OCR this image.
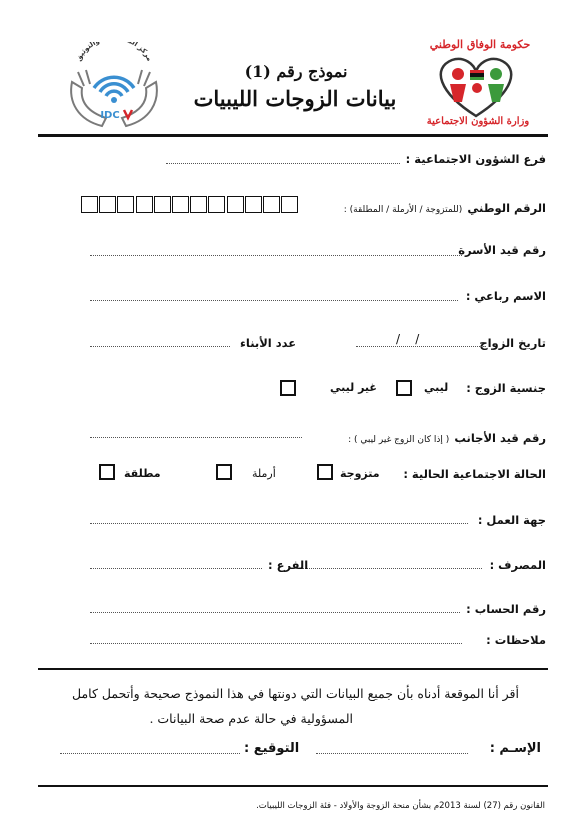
مركز ال التوثيق
IDC
نموذج رقم (1)
بيانات الزوجات الليبيات
حكومة الوفاق الوطني
وزارة الشؤون الاجتماعية
فرع الشؤون الاجتماعية :
الرقم الوطني (للمتزوجة / الأرملة / المطلقة) :
رقم قيد الأسرة
الاسم رباعي :
تاريخ الزواج
/    /
عدد الأبناء
جنسية الزوج :
ليبي
غير ليبي
رقم قيد الأجانب ( إذا كان الزوج غير ليبي ) :
الحالة الاجتماعية الحالية :
متزوجة
أرملة
مطلقة
جهة العمل :
المصرف :
الفرع :
رقم الحساب :
ملاحظات :
أقر أنا الموقعة أدناه بأن جميع البيانات التي دونتها في هذا النموذج صحيحة وأتحمل كامل
المسؤولية في حالة عدم صحة البيانات .
الإسـم :
التوقيع :
القانون رقم (27) لسنة 2013م بشأن منحة الزوجة والأولاد - فئة الزوجات الليبيات.
